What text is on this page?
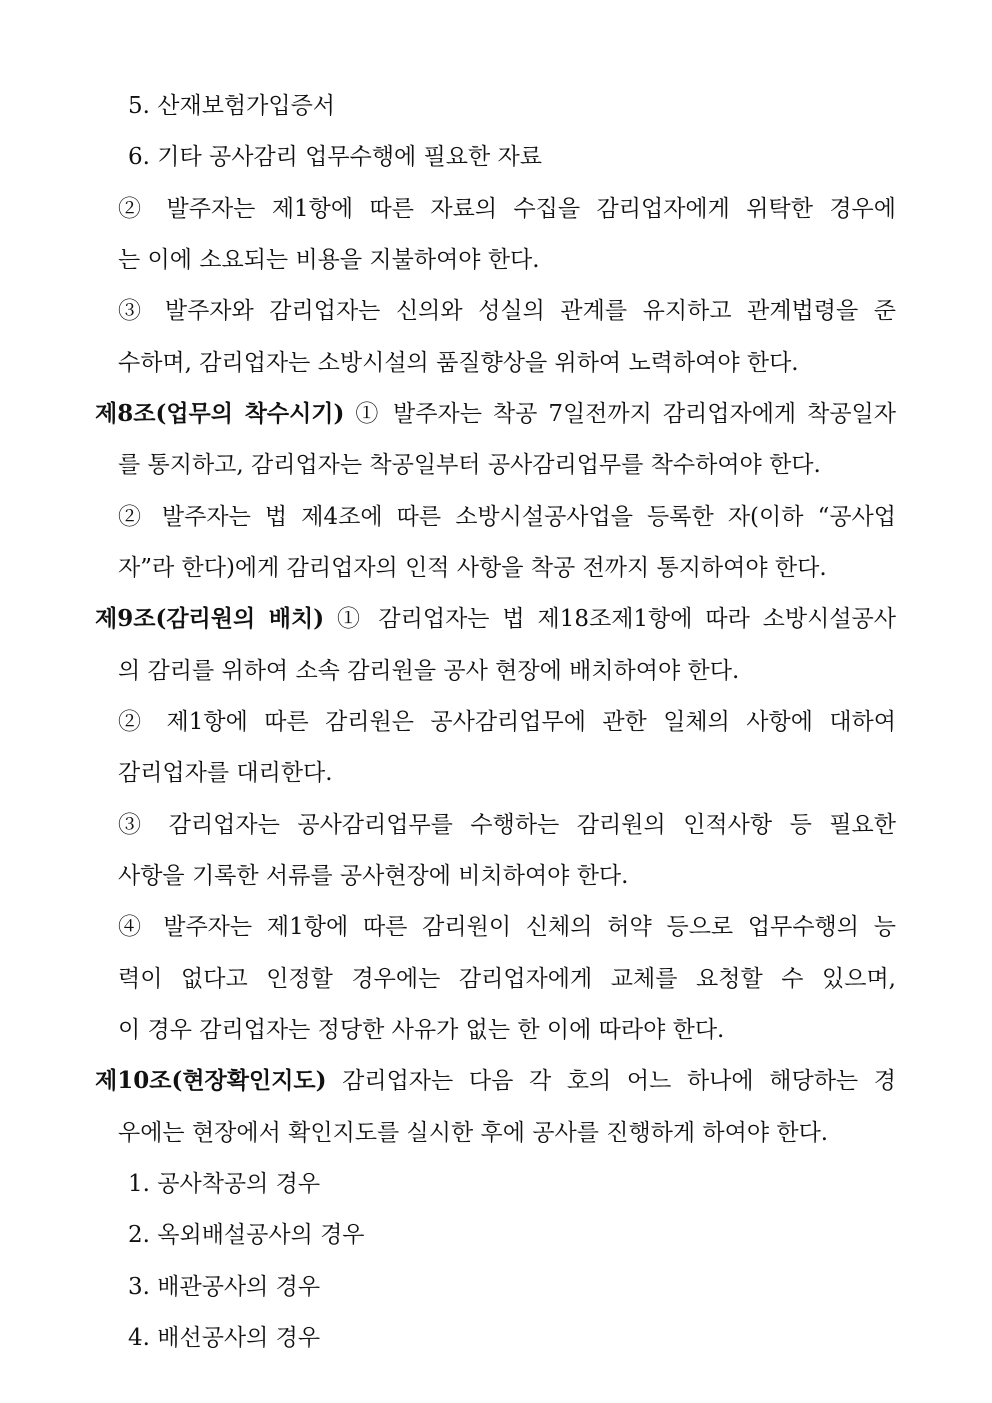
5. 산재보험가입증서
6. 기타 공사감리 업무수행에 필요한 자료
② 발주자는 제1항에 따른 자료의 수집을 감리업자에게 위탁한 경우에
는 이에 소요되는 비용을 지불하여야 한다.
③ 발주자와 감리업자는 신의와 성실의 관계를 유지하고 관계법령을 준
수하며, 감리업자는 소방시설의 품질향상을 위하여 노력하여야 한다.
제8조(업무의 착수시기) ① 발주자는 착공 7일전까지 감리업자에게 착공일자
를 통지하고, 감리업자는 착공일부터 공사감리업무를 착수하여야 한다.
② 발주자는 법 제4조에 따른 소방시설공사업을 등록한 자(이하 “공사업
자”라 한다)에게 감리업자의 인적 사항을 착공 전까지 통지하여야 한다.
제9조(감리원의 배치) ① 감리업자는 법 제18조제1항에 따라 소방시설공사
의 감리를 위하여 소속 감리원을 공사 현장에 배치하여야 한다.
② 제1항에 따른 감리원은 공사감리업무에 관한 일체의 사항에 대하여
감리업자를 대리한다.
③ 감리업자는 공사감리업무를 수행하는 감리원의 인적사항 등 필요한
사항을 기록한 서류를 공사현장에 비치하여야 한다.
④ 발주자는 제1항에 따른 감리원이 신체의 허약 등으로 업무수행의 능
력이 없다고 인정할 경우에는 감리업자에게 교체를 요청할 수 있으며,
이 경우 감리업자는 정당한 사유가 없는 한 이에 따라야 한다.
제10조(현장확인지도) 감리업자는 다음 각 호의 어느 하나에 해당하는 경
우에는 현장에서 확인지도를 실시한 후에 공사를 진행하게 하여야 한다.
1. 공사착공의 경우
2. 옥외배설공사의 경우
3. 배관공사의 경우
4. 배선공사의 경우
